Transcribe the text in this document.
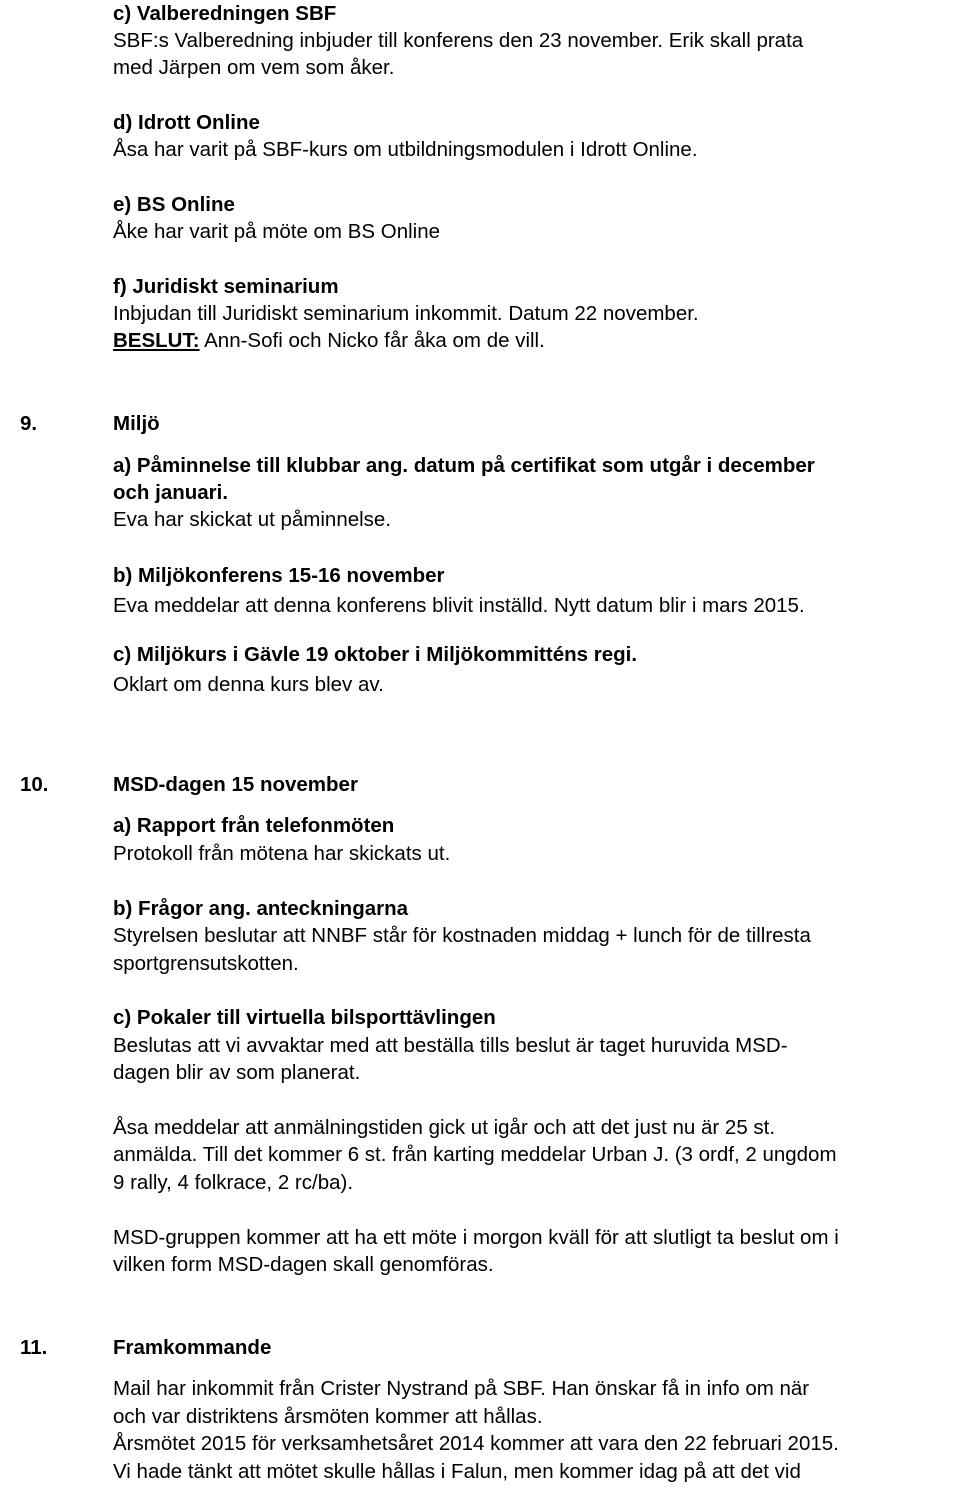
c) Valberedningen SBF
SBF:s Valberedning inbjuder till konferens den 23 november. Erik skall prata
med Järpen om vem som åker.
d) Idrott Online
Åsa har varit på SBF-kurs om utbildningsmodulen i Idrott Online.
e) BS Online
Åke har varit på möte om BS Online
f) Juridiskt seminarium
Inbjudan till Juridiskt seminarium inkommit. Datum 22 november.
BESLUT: Ann-Sofi och Nicko får åka om de vill.
9.	Miljö
a) Påminnelse till klubbar ang. datum på certifikat som utgår i december
och januari.
Eva har skickat ut påminnelse.
b) Miljökonferens 15-16 november
Eva meddelar att denna konferens blivit inställd. Nytt datum blir i mars 2015.
c) Miljökurs i Gävle 19 oktober i Miljökommitténs regi.
Oklart om denna kurs blev av.
10.	MSD-dagen 15 november
a) Rapport från telefonmöten
Protokoll från mötena har skickats ut.
b) Frågor ang. anteckningarna
Styrelsen beslutar att NNBF står för kostnaden middag + lunch för de tillresta
sportgrensutskotten.
c) Pokaler till virtuella bilsporttävlingen
Beslutas att vi avvaktar med att beställa tills beslut är taget huruvida MSD-
dagen blir av som planerat.
Åsa meddelar att anmälningstiden gick ut igår och att det just nu är 25 st.
anmälda. Till det kommer 6 st. från karting meddelar Urban J. (3 ordf, 2 ungdom
9 rally, 4 folkrace, 2 rc/ba).
MSD-gruppen kommer att ha ett möte i morgon kväll för att slutligt ta beslut om i
vilken form MSD-dagen skall genomföras.
11.	Framkommande
Mail har inkommit från Crister Nystrand på SBF. Han önskar få in info om när
och var distriktens årsmöten kommer att hållas.
Årsmötet 2015 för verksamhetsåret 2014 kommer att vara den 22 februari 2015.
Vi hade tänkt att mötet skulle hållas i Falun, men kommer idag på att det vid
